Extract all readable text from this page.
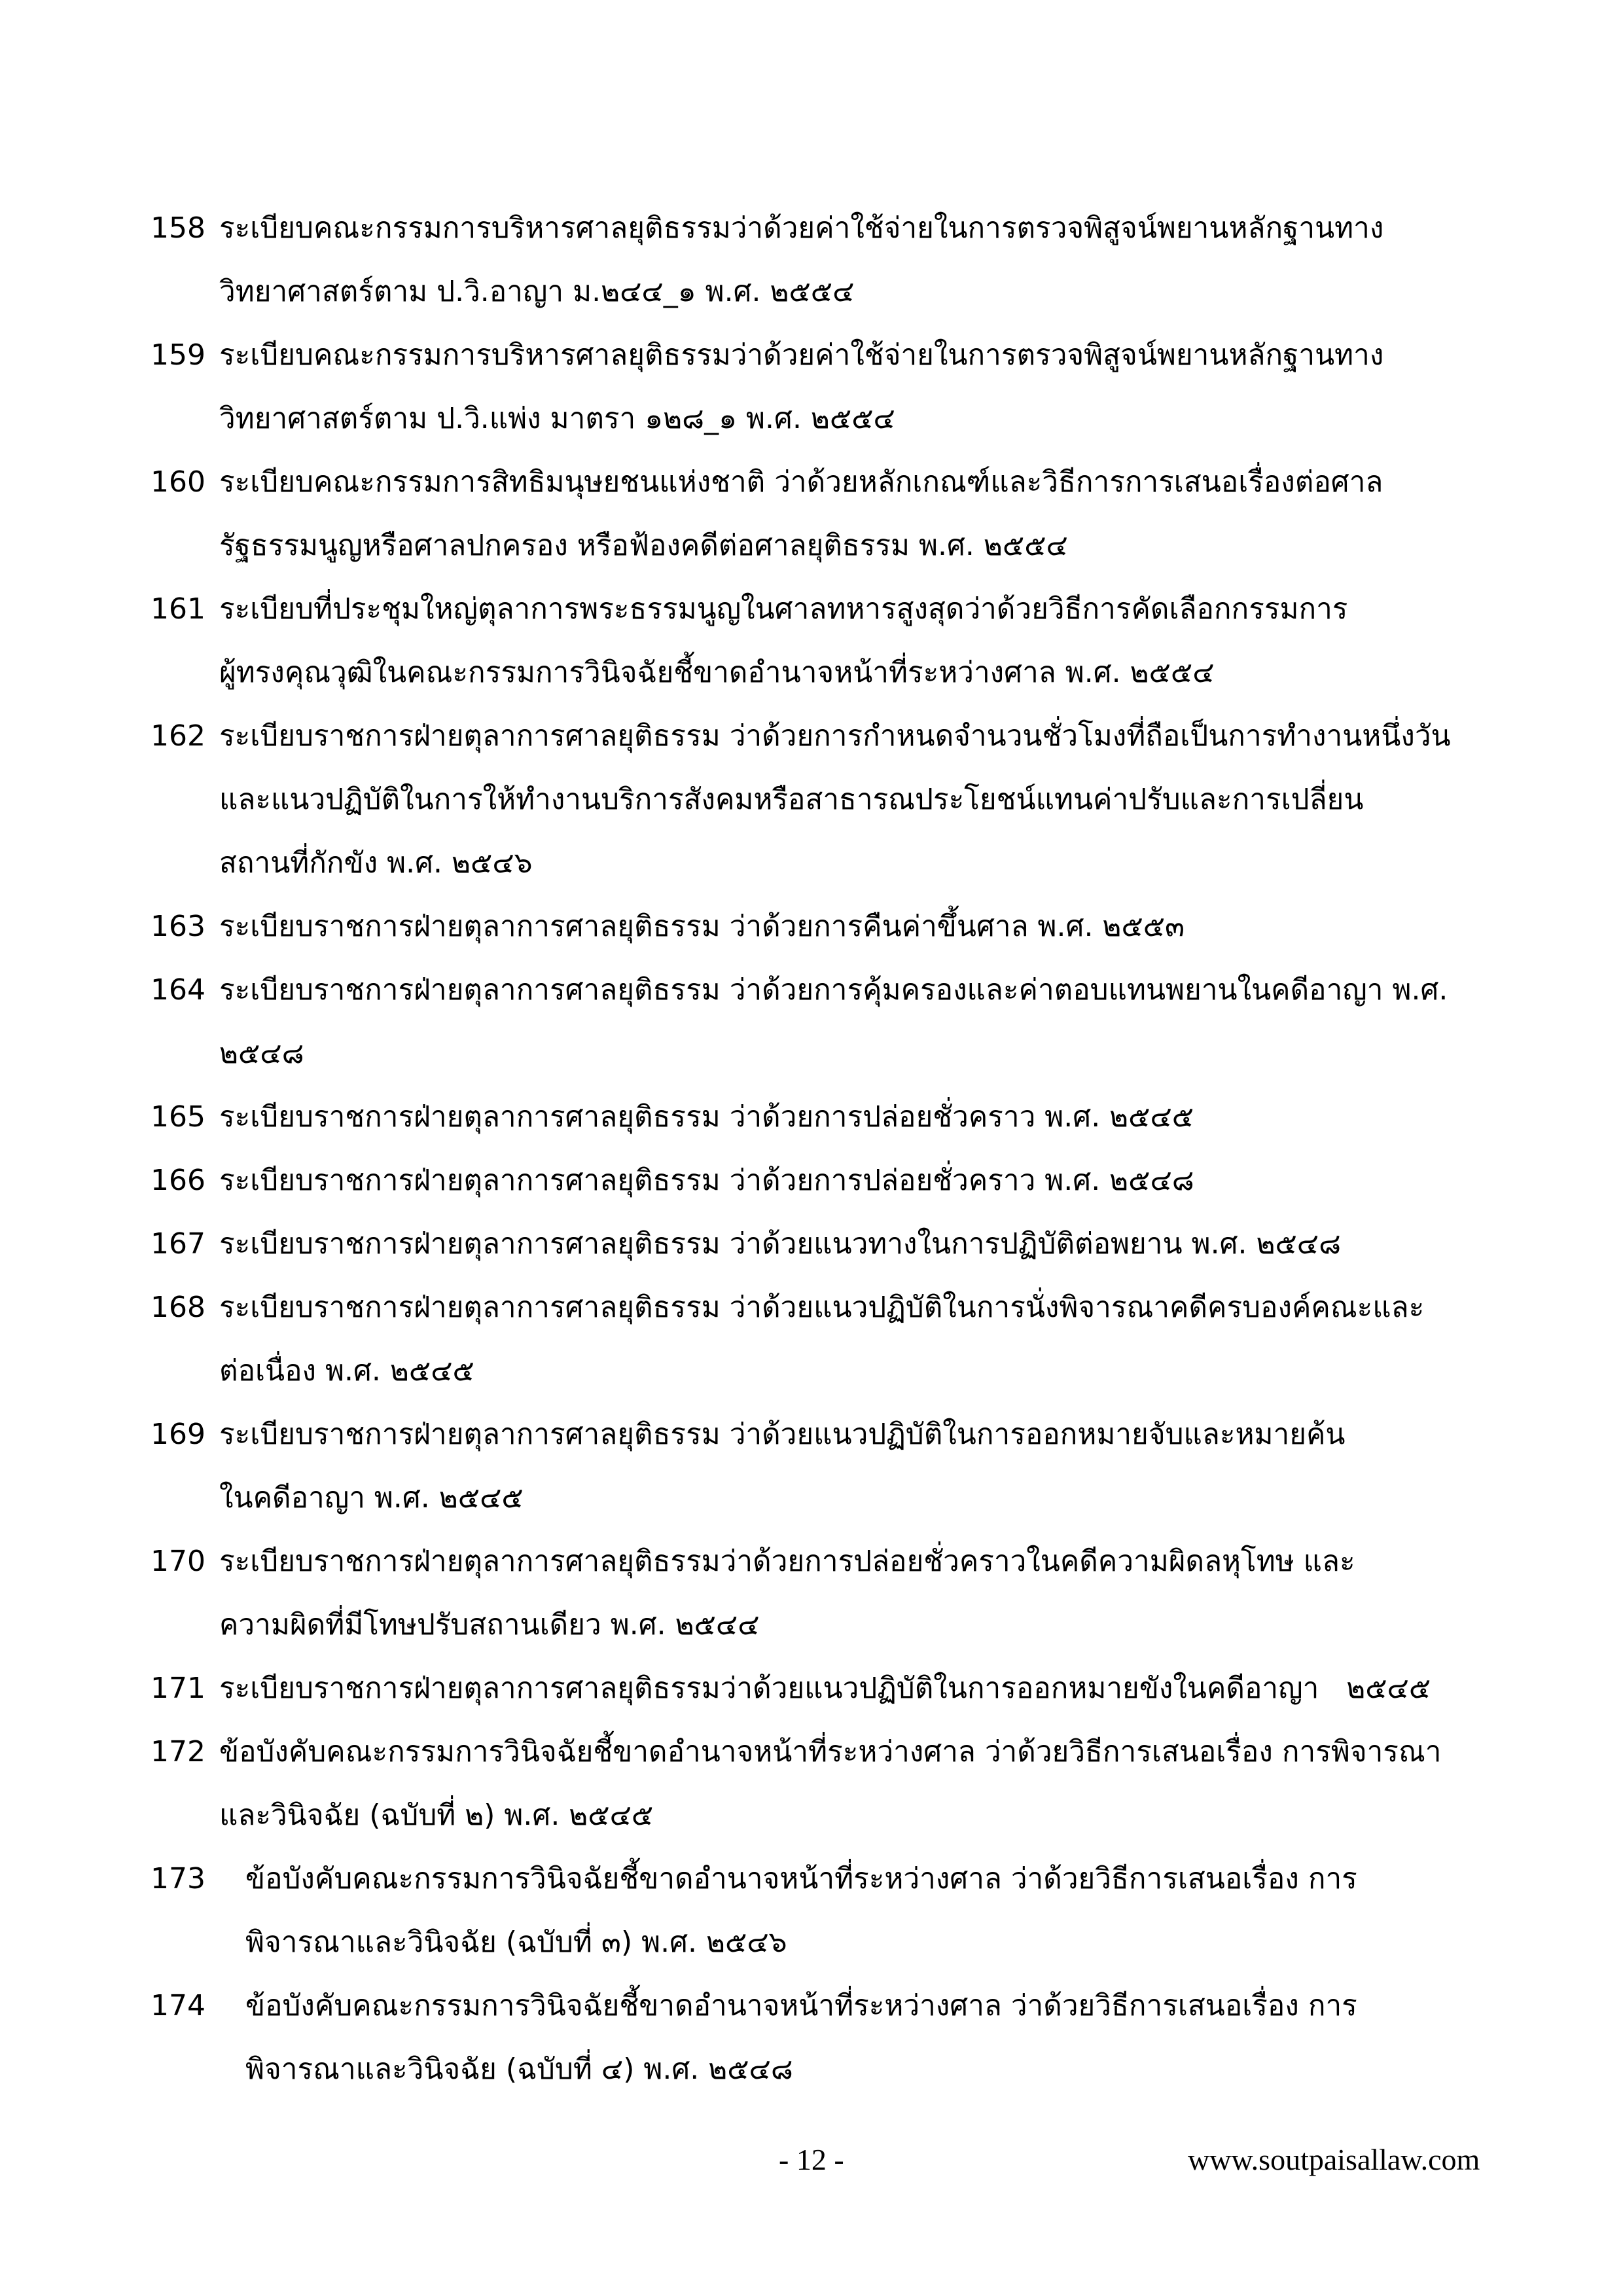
158 ระเบียบคณะกรรมการบริหารศาลยุติธรรมว่าด้วยค่าใช้จ่ายในการตรวจพิสูจน์พยานหลักฐานทาง
วิทยาศาสตร์ตาม ป.วิ.อาญา ม.๒๔๔_๑ พ.ศ. ๒๕๕๔
159 ระเบียบคณะกรรมการบริหารศาลยุติธรรมว่าด้วยค่าใช้จ่ายในการตรวจพิสูจน์พยานหลักฐานทาง
วิทยาศาสตร์ตาม ป.วิ.แพ่ง มาตรา ๑๒๘_๑ พ.ศ. ๒๕๕๔
160 ระเบียบคณะกรรมการสิทธิมนุษยชนแห่งชาติ ว่าด้วยหลักเกณฑ์และวิธีการการเสนอเรื่องต่อศาล
รัฐธรรมนูญหรือศาลปกครอง หรือฟ้องคดีต่อศาลยุติธรรม พ.ศ. ๒๕๕๔
161 ระเบียบที่ประชุมใหญ่ตุลาการพระธรรมนูญในศาลทหารสูงสุดว่าด้วยวิธีการคัดเลือกกรรมการ
ผู้ทรงคุณวุฒิในคณะกรรมการวินิจฉัยชี้ขาดอำนาจหน้าที่ระหว่างศาล พ.ศ. ๒๕๕๔
162 ระเบียบราชการฝ่ายตุลาการศาลยุติธรรม ว่าด้วยการกำหนดจำนวนชั่วโมงที่ถือเป็นการทำงานหนึ่งวัน
และแนวปฏิบัติในการให้ทำงานบริการสังคมหรือสาธารณประโยชน์แทนค่าปรับและการเปลี่ยน
สถานที่กักขัง พ.ศ. ๒๕๔๖
163 ระเบียบราชการฝ่ายตุลาการศาลยุติธรรม ว่าด้วยการคืนค่าขึ้นศาล พ.ศ. ๒๕๕๓
164 ระเบียบราชการฝ่ายตุลาการศาลยุติธรรม ว่าด้วยการคุ้มครองและค่าตอบแทนพยานในคดีอาญา พ.ศ.
๒๕๔๘
165 ระเบียบราชการฝ่ายตุลาการศาลยุติธรรม ว่าด้วยการปล่อยชั่วคราว พ.ศ. ๒๕๔๕
166 ระเบียบราชการฝ่ายตุลาการศาลยุติธรรม ว่าด้วยการปล่อยชั่วคราว พ.ศ. ๒๕๔๘
167 ระเบียบราชการฝ่ายตุลาการศาลยุติธรรม ว่าด้วยแนวทางในการปฏิบัติต่อพยาน พ.ศ. ๒๕๔๘
168 ระเบียบราชการฝ่ายตุลาการศาลยุติธรรม ว่าด้วยแนวปฏิบัติในการนั่งพิจารณาคดีครบองค์คณะและ
ต่อเนื่อง พ.ศ. ๒๕๔๕
169 ระเบียบราชการฝ่ายตุลาการศาลยุติธรรม ว่าด้วยแนวปฏิบัติในการออกหมายจับและหมายค้น
ในคดีอาญา พ.ศ. ๒๕๔๕
170 ระเบียบราชการฝ่ายตุลาการศาลยุติธรรมว่าด้วยการปล่อยชั่วคราวในคดีความผิดลหุโทษ และ
ความผิดที่มีโทษปรับสถานเดียว พ.ศ. ๒๕๔๔
171 ระเบียบราชการฝ่ายตุลาการศาลยุติธรรมว่าด้วยแนวปฏิบัติในการออกหมายขังในคดีอาญา   ๒๕๔๕
172 ข้อบังคับคณะกรรมการวินิจฉัยชี้ขาดอำนาจหน้าที่ระหว่างศาล ว่าด้วยวิธีการเสนอเรื่อง การพิจารณา
และวินิจฉัย (ฉบับที่ ๒) พ.ศ. ๒๕๔๕
173	ข้อบังคับคณะกรรมการวินิจฉัยชี้ขาดอำนาจหน้าที่ระหว่างศาล ว่าด้วยวิธีการเสนอเรื่อง การ
พิจารณาและวินิจฉัย (ฉบับที่ ๓) พ.ศ. ๒๕๔๖
174	ข้อบังคับคณะกรรมการวินิจฉัยชี้ขาดอำนาจหน้าที่ระหว่างศาล ว่าด้วยวิธีการเสนอเรื่อง การ
พิจารณาและวินิจฉัย (ฉบับที่ ๔) พ.ศ. ๒๕๔๘
- 12 -	www.soutpaisallaw.com
